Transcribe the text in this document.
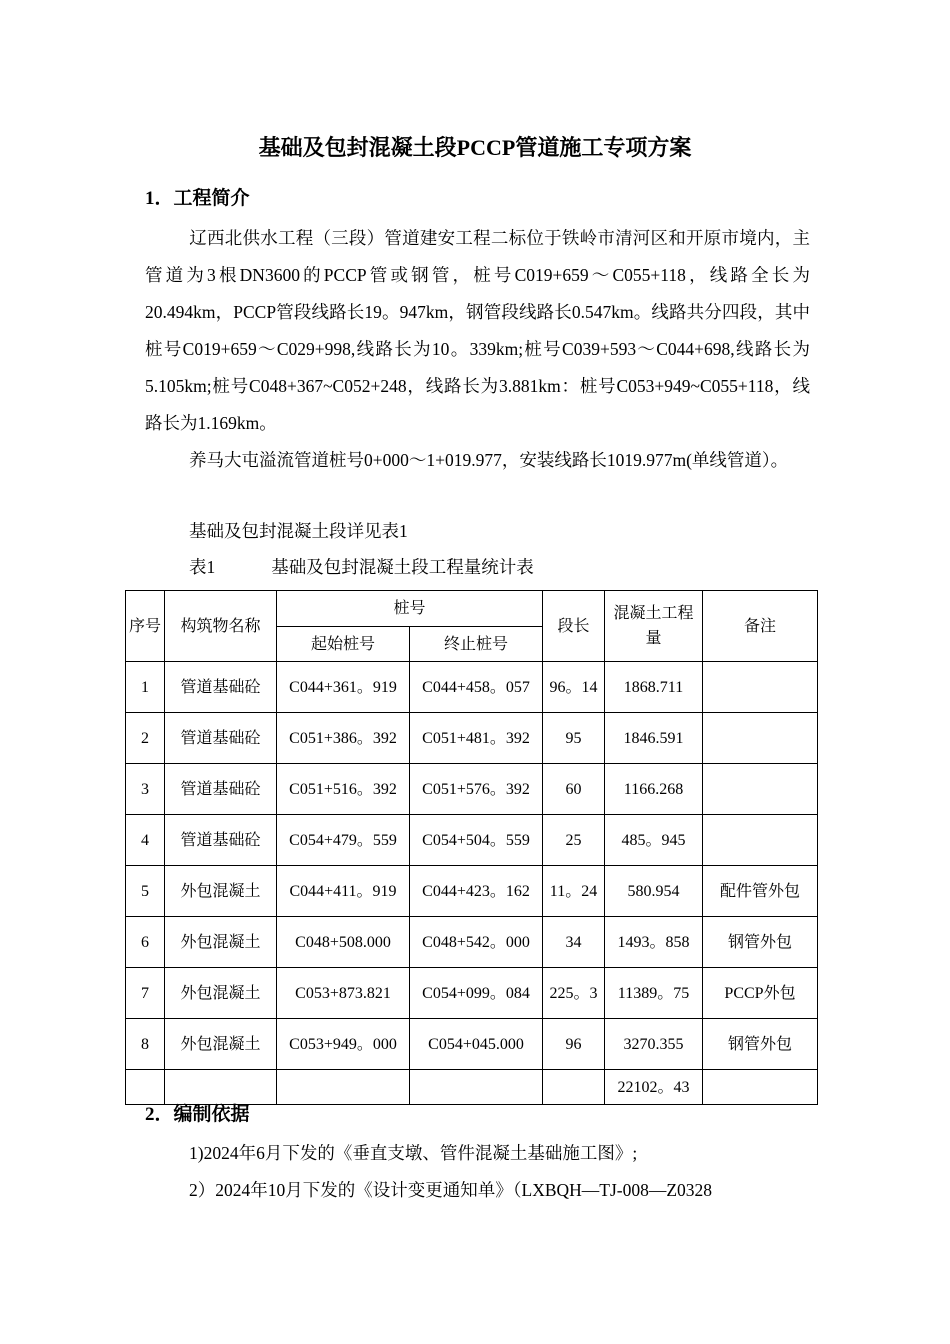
基础及包封混凝土段PCCP管道施工专项方案
1．工程简介
辽西北供水工程（三段）管道建安工程二标位于铁岭市清河区和开原市境内，主管道为3根DN3600的PCCP管或钢管，桩号C019+659～C055+118，线路全长为20.494km，PCCP管段线路长19。947km，钢管段线路长0.547km。线路共分四段，其中桩号C019+659～C029+998,线路长为10。339km;桩号C039+593～C044+698,线路长为5.105km;桩号C048+367~C052+248，线路长为3.881km：桩号C053+949~C055+118，线路长为1.169km。
养马大屯溢流管道桩号0+000～1+019.977，安装线路长1019.977m(单线管道）。
基础及包封混凝土段详见表1
表1	基础及包封混凝土段工程量统计表
序号	构筑物名称	桩号		段长	混凝土工程量	备注
		起始桩号	终止桩号			
1	管道基础砼	C044+361。919	C044+458。057	96。14	1868.711	
2	管道基础砼	C051+386。392	C051+481。392	95	1846.591	
3	管道基础砼	C051+516。392	C051+576。392	60	1166.268	
4	管道基础砼	C054+479。559	C054+504。559	25	485。945	
5	外包混凝土	C044+411。919	C044+423。162	11。24	580.954	配件管外包
6	外包混凝土	C048+508.000	C048+542。000	34	1493。858	钢管外包
7	外包混凝土	C053+873.821	C054+099。084	225。3	11389。75	PCCP外包
8	外包混凝土	C053+949。000	C054+045.000	96	3270.355	钢管外包
					22102。43	
2．编制依据
1)2024年6月下发的《垂直支墩、管件混凝土基础施工图》;
2）2024年10月下发的《设计变更通知单》（LXBQH—TJ-008—Z0328
